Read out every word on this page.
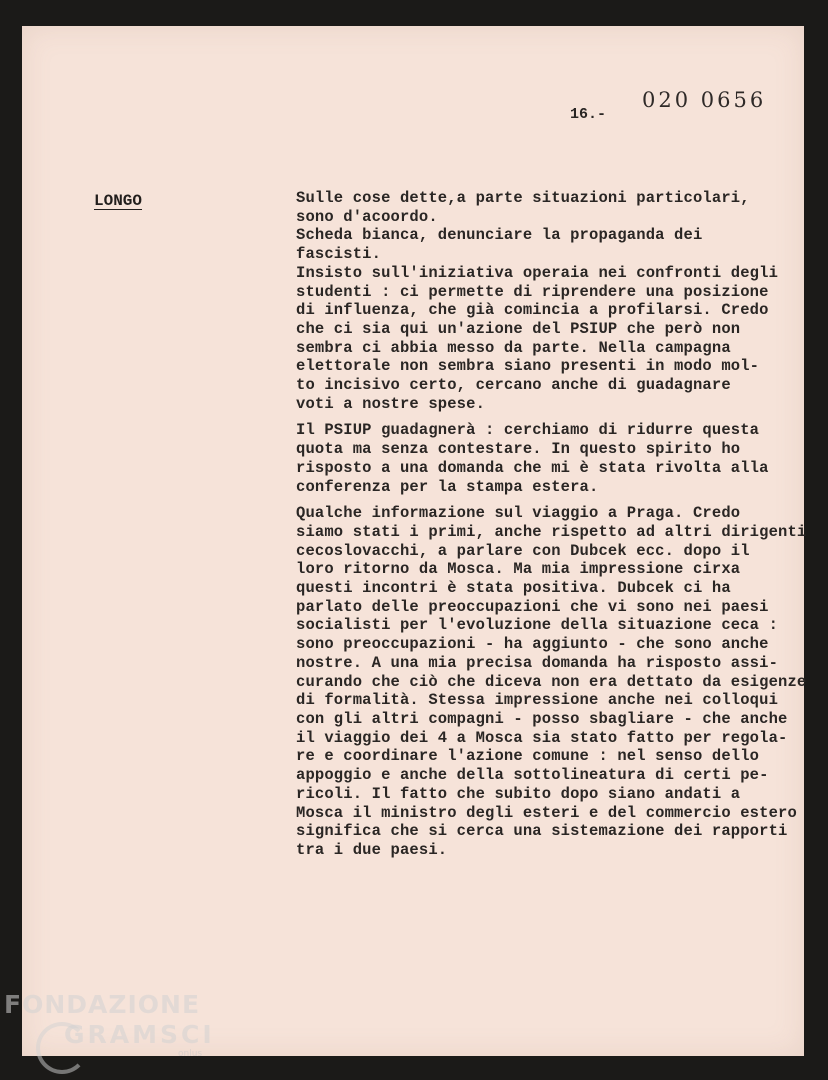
020 0656
16.-
LONGO	Sulle cose dette,a parte situazioni particolari,
sono d'acoordo.
Scheda bianca, denunciare la propaganda dei
fascisti.
Insisto sull'iniziativa operaia nei confronti degli
studenti : ci permette di riprendere una posizione
di influenza, che già comincia a profilarsi. Credo
che ci sia qui un'azione del PSIUP che però non
sembra ci abbia messo da parte. Nella campagna
elettorale non sembra siano presenti in modo mol-
to incisivo certo, cercano anche di guadagnare
voti a nostre spese.
Il PSIUP guadagnerà : cerchiamo di ridurre questa
quota ma senza contestare. In questo spirito ho
risposto a una domanda che mi è stata rivolta alla
conferenza per la stampa estera.
Qualche informazione sul viaggio a Praga. Credo
siamo stati i primi, anche rispetto ad altri dirigenti
cecoslovacchi, a parlare con Dubcek ecc. dopo il
loro ritorno da Mosca. Ma mia impressione cirxa
questi incontri è stata positiva. Dubcek ci ha
parlato delle preoccupazioni che vi sono nei paesi
socialisti per l'evoluzione della situazione ceca :
sono preoccupazioni - ha aggiunto - che sono anche
nostre. A una mia precisa domanda ha risposto assi-
curando che ciò che diceva non era dettato da esigenze
di formalità. Stessa impressione anche nei colloqui
con gli altri compagni - posso sbagliare - che anche
il viaggio dei 4 a Mosca sia stato fatto per regola-
re e coordinare l'azione comune : nel senso dello
appoggio e anche della sottolineatura di certi pe-
ricoli. Il fatto che subito dopo siano andati a
Mosca il ministro degli esteri e del commercio estero
significa che si cerca una sistemazione dei rapporti
tra i due paesi.
FONDAZIONE
GRAMSCI
onlus
